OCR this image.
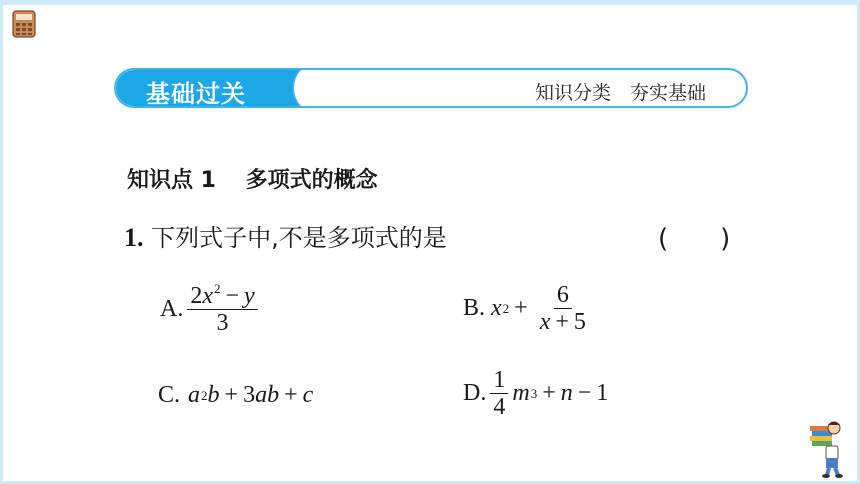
基础过关	知识分类　夯实基础
知识点 1　 多项式的概念
1. 下列式子中,不是多项式的是	(　　)
A. $\frac{2x^2 - y}{3}$	B. x $2 + \frac{6}{x + 5}$
C. a 2 b + 3 ab + c	D. $\frac{1}{4}$ m 3 + n − 1
